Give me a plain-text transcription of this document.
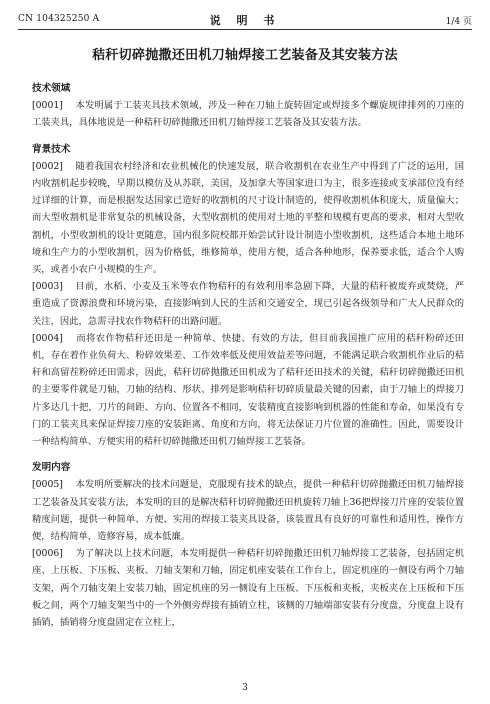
CN 104325250 A	说 明 书	1/4 页
秸秆切碎抛撒还田机刀轴焊接工艺装备及其安装方法
技术领域

[0001] 本发明属于工装夹具技术领域，涉及一种在刀轴上旋转固定或焊接多个螺旋规律排列的刀座的工装夹具，具体地说是一种秸秆切碎抛撒还田机刀轴焊接工艺装备及其安装方法。

背景技术

[0002] 随着我国农村经济和农业机械化的快速发展，联合收割机在农业生产中得到了广泛的运用，国内收割机起步较晚，早期以模仿及从苏联，美国，及加拿大等国家进口为主，很多连接或支承部位没有经过详细的计算，而是根据发达国家已造好的收割机的尺寸设计制造的，使得收割机体积庞大，质量偏大；而大型收割机是非常复杂的机械设备，大型收割机的使用对土地的平整和规模有更高的要求，相对大型收割机，小型收割机的设计更随意，国内很多院校都开始尝试针设计制造小型收割机，这些适合本地土地环境和生产力的小型收割机，因为价格低，维修简单，使用方便，适合各种地形，保养要求低，适合个人购买，或者小农户小规模的生产。

[0003] 目前，水稻、小麦及玉米等农作物秸秆的有效利用率急剧下降，大量的秸秆被废弃或焚烧，严重造成了资源浪费和环境污染，直接影响到人民的生活和交通安全，现已引起各级领导和广大人民群众的关注，因此，急需寻找农作物秸秆的出路问题。

[0004] 而将农作物秸秆还田是一种简单、快捷、有效的方法，但目前我国推广应用的秸秆粉碎还田机，存在着作业负荷大、粉碎效果差、工作效率低及使用效益差等问题，不能满足联合收割机作业后的秸秆和高留茬粉碎还田需求，因此，秸秆切碎抛撒还田机成为了秸秆还田技术的关键，秸秆切碎抛撒还田机的主要零件就是刀轴，刀轴的结构、形状、排列是影响秸秆切碎质量最关键的因素，由于刀轴上的焊接刀片多达几十把，刀片的间距、方向、位置各不相同，安装精度直接影响到机器的性能和寿命，如果没有专门的工装夹具来保证焊接刀座的安装距离、角度和方向，将无法保证刀片位置的准确性。因此，需要设计一种结构简单、方便实用的秸秆切碎抛撒还田机刀轴焊接工艺装备。

发明内容

[0005] 本发明所要解决的技术问题是，克服现有技术的缺点，提供一种秸秆切碎抛撒还田机刀轴焊接工艺装备及其安装方法，本发明的目的是解决秸秆切碎抛撒还田机旋转刀轴上36把焊接刀片座的安装位置精度问题，提供一种简单、方便、实用的焊接工装夹具设备，该装置具有良好的可靠性和适用性，操作方便，结构简单，造修容易，成本低廉。

[0006] 为了解决以上技术问题，本发明提供一种秸秆切碎抛撒还田机刀轴焊接工艺装备，包括固定机座、上压板、下压板、夹板、刀轴支架和刀轴，固定机座安装在工作台上，固定机座的一侧设有两个刀轴支架，两个刀轴支架上安装刀轴，固定机座的另一侧设有上压板、下压板和夹板，夹板夹在上压板和下压板之间，两个刀轴支架当中的一个外侧旁焊接有插销立柱，该侧的刀轴端部安装有分度盘，分度盘上设有插销，插销将分度盘固定在立柱上，

3
